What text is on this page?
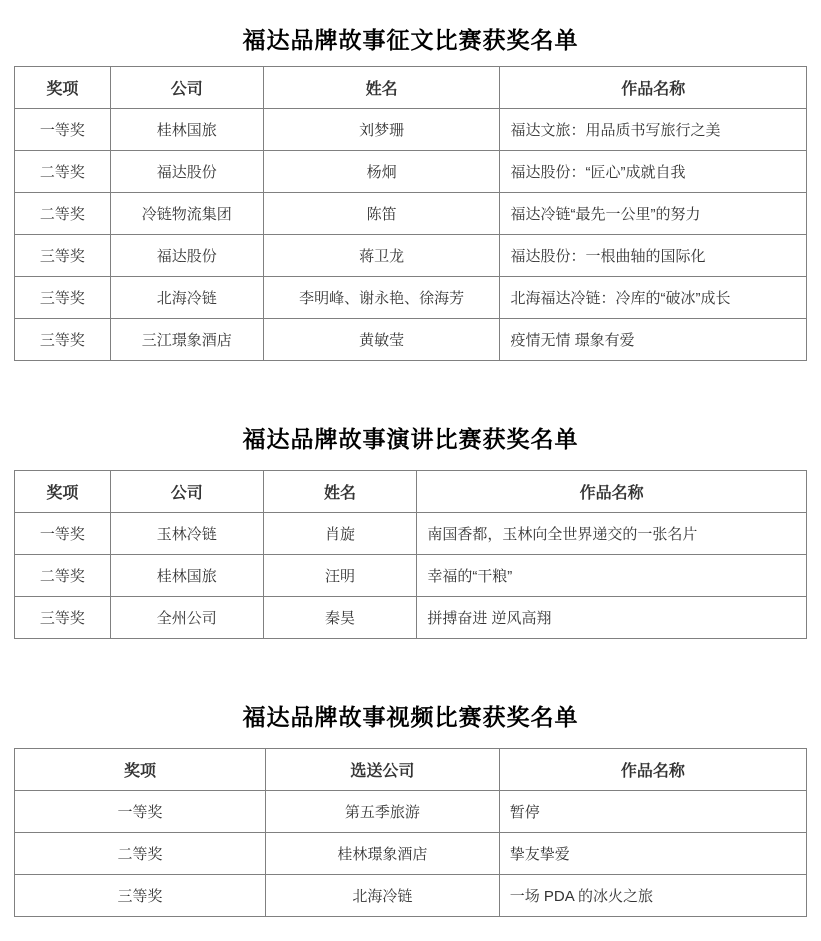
福达品牌故事征文比赛获奖名单
奖项	公司	姓名	作品名称
一等奖	桂林国旅	刘梦珊	福达文旅：用品质书写旅行之美
二等奖	福达股份	杨炯	福达股份：“匠心”成就自我
二等奖	冷链物流集团	陈笛	福达冷链“最先一公里”的努力
三等奖	福达股份	蒋卫龙	福达股份：一根曲轴的国际化
三等奖	北海冷链	李明峰、谢永艳、徐海芳	北海福达冷链：冷库的“破冰”成长
三等奖	三江璟象酒店	黄敏莹	疫情无情 璟象有爱
福达品牌故事演讲比赛获奖名单
奖项	公司	姓名	作品名称
一等奖	玉林冷链	肖旋	南国香都，玉林向全世界递交的一张名片
二等奖	桂林国旅	汪明	幸福的“干粮”
三等奖	全州公司	秦昊	拼搏奋进 逆风高翔
福达品牌故事视频比赛获奖名单
奖项	选送公司	作品名称
一等奖	第五季旅游	暂停
二等奖	桂林璟象酒店	挚友挚爱
三等奖	北海冷链	一场 PDA 的冰火之旅
